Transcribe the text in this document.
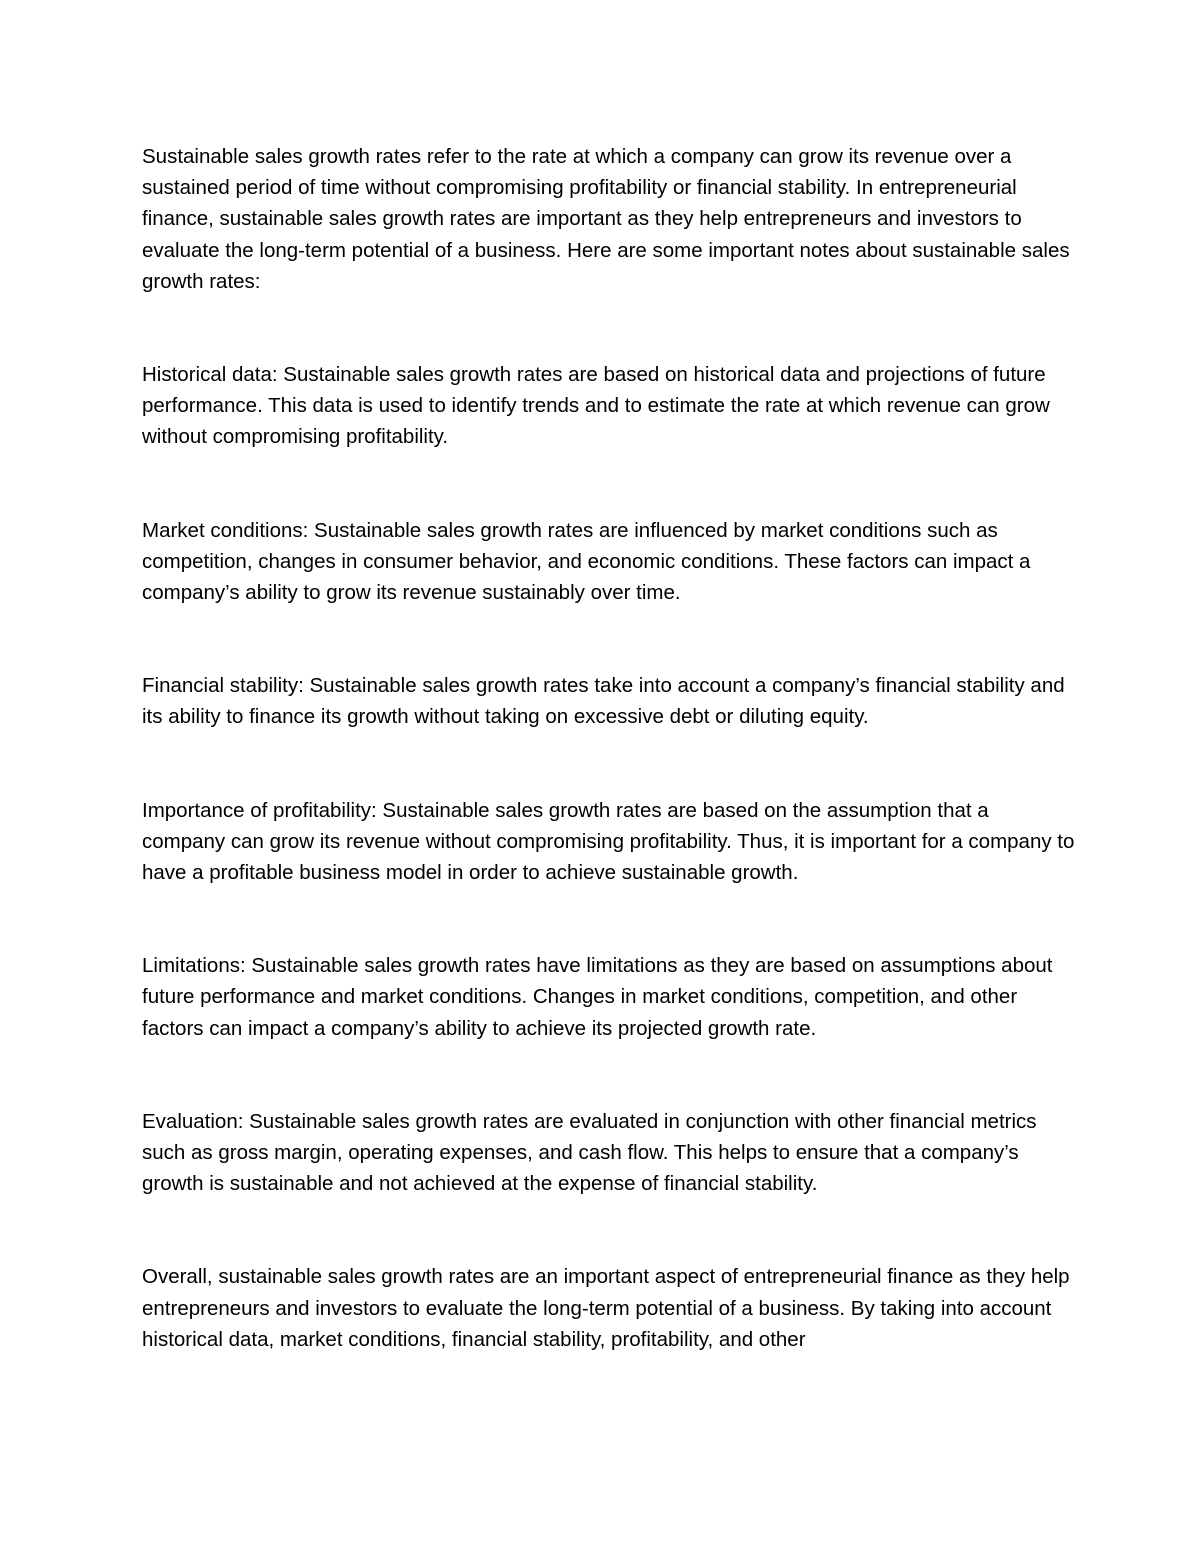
Sustainable sales growth rates refer to the rate at which a company can grow its revenue over a sustained period of time without compromising profitability or financial stability. In entrepreneurial finance, sustainable sales growth rates are important as they help entrepreneurs and investors to evaluate the long-term potential of a business. Here are some important notes about sustainable sales growth rates:

Historical data: Sustainable sales growth rates are based on historical data and projections of future performance. This data is used to identify trends and to estimate the rate at which revenue can grow without compromising profitability.

Market conditions: Sustainable sales growth rates are influenced by market conditions such as competition, changes in consumer behavior, and economic conditions. These factors can impact a company’s ability to grow its revenue sustainably over time.

Financial stability: Sustainable sales growth rates take into account a company’s financial stability and its ability to finance its growth without taking on excessive debt or diluting equity.

Importance of profitability: Sustainable sales growth rates are based on the assumption that a company can grow its revenue without compromising profitability. Thus, it is important for a company to have a profitable business model in order to achieve sustainable growth.

Limitations: Sustainable sales growth rates have limitations as they are based on assumptions about future performance and market conditions. Changes in market conditions, competition, and other factors can impact a company’s ability to achieve its projected growth rate.

Evaluation: Sustainable sales growth rates are evaluated in conjunction with other financial metrics such as gross margin, operating expenses, and cash flow. This helps to ensure that a company’s growth is sustainable and not achieved at the expense of financial stability.

Overall, sustainable sales growth rates are an important aspect of entrepreneurial finance as they help entrepreneurs and investors to evaluate the long-term potential of a business. By taking into account historical data, market conditions, financial stability, profitability, and other
